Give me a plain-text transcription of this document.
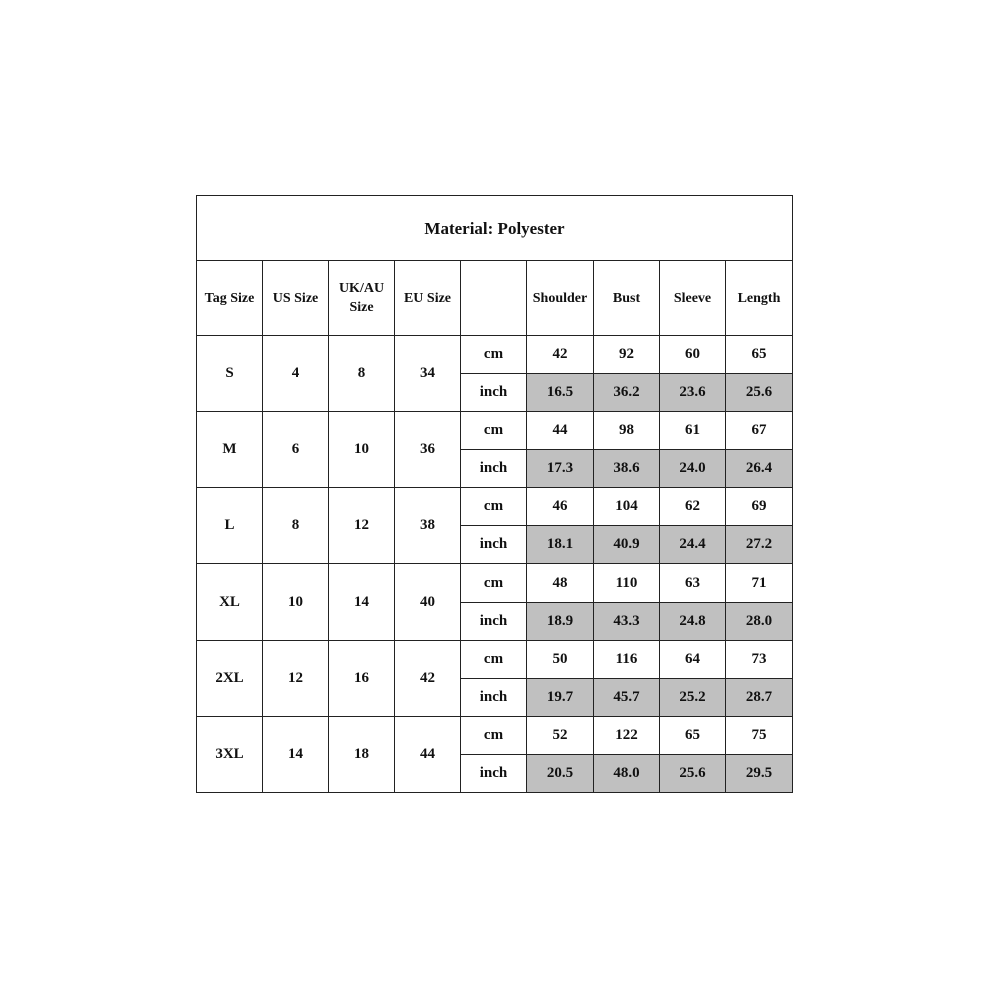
Material: Polyester								
Tag Size	US Size	UK/AU Size	EU Size		Shoulder	Bust	Sleeve	Length
S	4	8	34	cm	42	92	60	65
				inch	16.5	36.2	23.6	25.6
M	6	10	36	cm	44	98	61	67
				inch	17.3	38.6	24.0	26.4
L	8	12	38	cm	46	104	62	69
				inch	18.1	40.9	24.4	27.2
XL	10	14	40	cm	48	110	63	71
				inch	18.9	43.3	24.8	28.0
2XL	12	16	42	cm	50	116	64	73
				inch	19.7	45.7	25.2	28.7
3XL	14	18	44	cm	52	122	65	75
				inch	20.5	48.0	25.6	29.5
